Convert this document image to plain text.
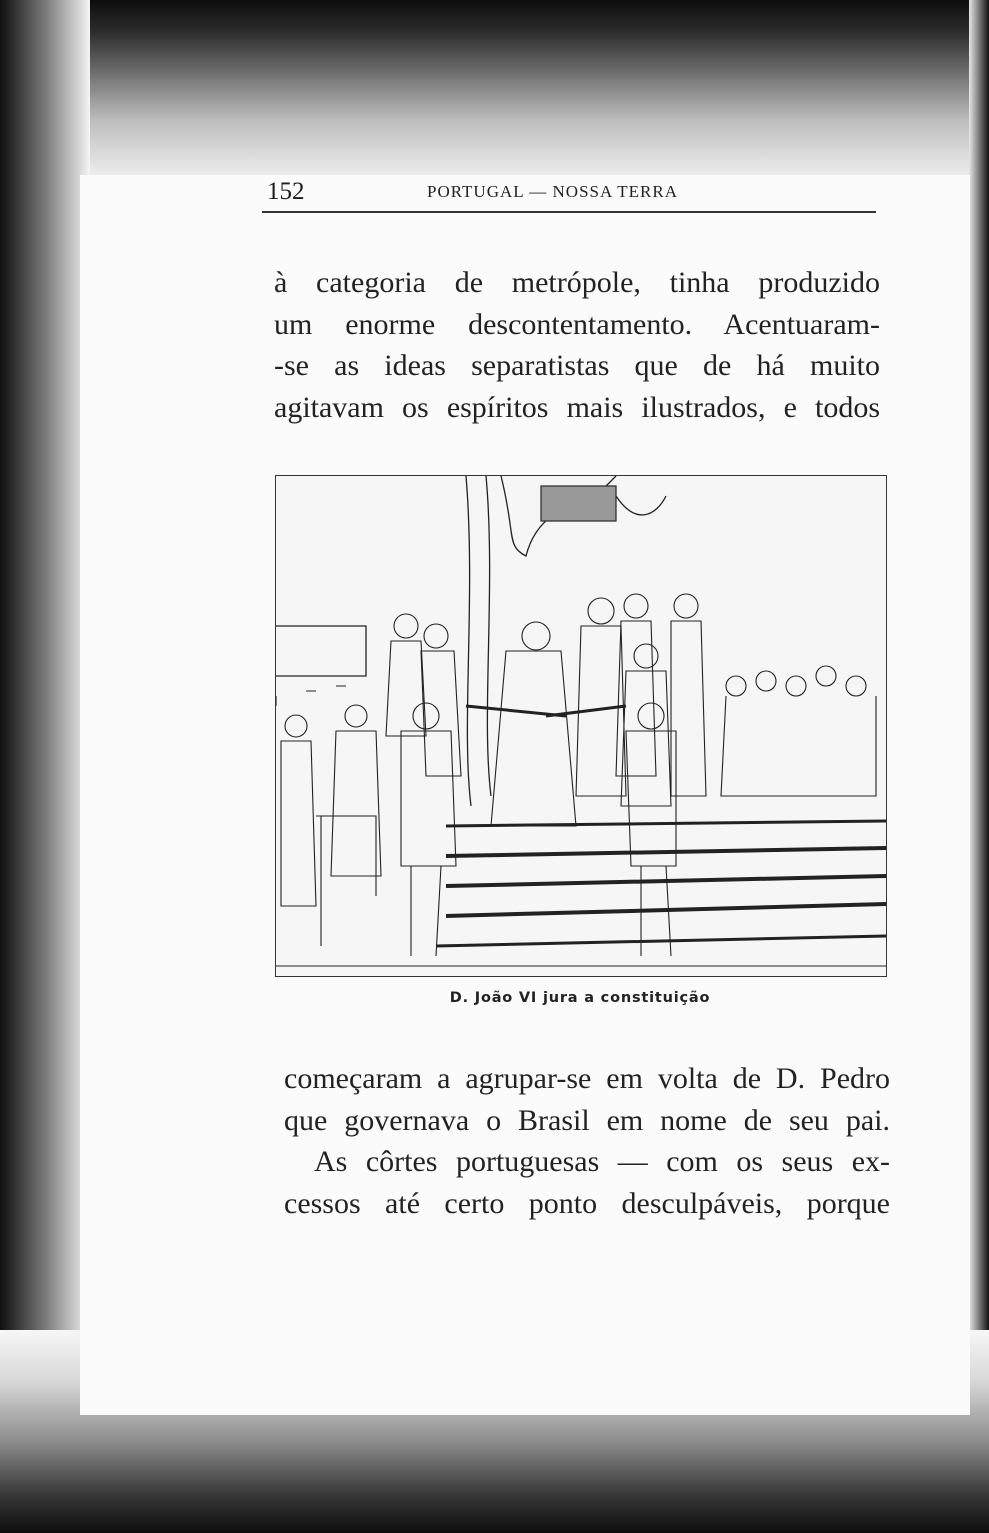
152	PORTUGAL — NOSSA TERRA
à categoria de metrópole, tinha produzido
um enorme descontentamento. Acentuaram-
-se as ideas separatistas que de há muito
agitavam os espíritos mais ilustrados, e todos
D. João VI jura a constituição
começaram a agrupar-se em volta de D. Pedro
que governava o Brasil em nome de seu pai.
As côrtes portuguesas — com os seus ex-
cessos até certo ponto desculpáveis, porque
